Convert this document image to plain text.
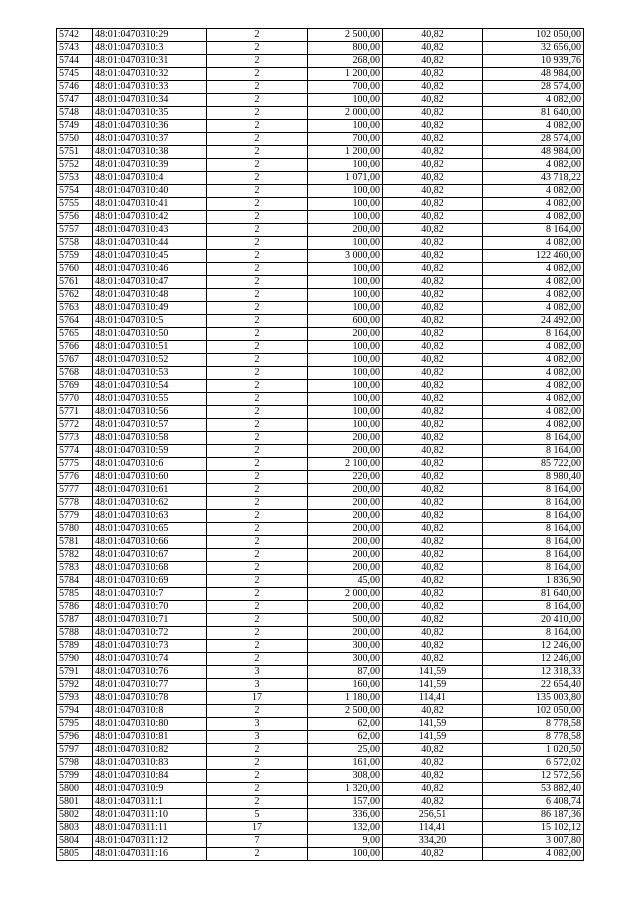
5742	48:01:0470310:29	2	2 500,00	40,82	102 050,00
5743	48:01:0470310:3	2	800,00	40,82	32 656,00
5744	48:01:0470310:31	2	268,00	40,82	10 939,76
5745	48:01:0470310:32	2	1 200,00	40,82	48 984,00
5746	48:01:0470310:33	2	700,00	40,82	28 574,00
5747	48:01:0470310:34	2	100,00	40,82	4 082,00
5748	48:01:0470310:35	2	2 000,00	40,82	81 640,00
5749	48:01:0470310:36	2	100,00	40,82	4 082,00
5750	48:01:0470310:37	2	700,00	40,82	28 574,00
5751	48:01:0470310:38	2	1 200,00	40,82	48 984,00
5752	48:01:0470310:39	2	100,00	40,82	4 082,00
5753	48:01:0470310:4	2	1 071,00	40,82	43 718,22
5754	48:01:0470310:40	2	100,00	40,82	4 082,00
5755	48:01:0470310:41	2	100,00	40,82	4 082,00
5756	48:01:0470310:42	2	100,00	40,82	4 082,00
5757	48:01:0470310:43	2	200,00	40,82	8 164,00
5758	48:01:0470310:44	2	100,00	40,82	4 082,00
5759	48:01:0470310:45	2	3 000,00	40,82	122 460,00
5760	48:01:0470310:46	2	100,00	40,82	4 082,00
5761	48:01:0470310:47	2	100,00	40,82	4 082,00
5762	48:01:0470310:48	2	100,00	40,82	4 082,00
5763	48:01:0470310:49	2	100,00	40,82	4 082,00
5764	48:01:0470310:5	2	600,00	40,82	24 492,00
5765	48:01:0470310:50	2	200,00	40,82	8 164,00
5766	48:01:0470310:51	2	100,00	40,82	4 082,00
5767	48:01:0470310:52	2	100,00	40,82	4 082,00
5768	48:01:0470310:53	2	100,00	40,82	4 082,00
5769	48:01:0470310:54	2	100,00	40,82	4 082,00
5770	48:01:0470310:55	2	100,00	40,82	4 082,00
5771	48:01:0470310:56	2	100,00	40,82	4 082,00
5772	48:01:0470310:57	2	100,00	40,82	4 082,00
5773	48:01:0470310:58	2	200,00	40,82	8 164,00
5774	48:01:0470310:59	2	200,00	40,82	8 164,00
5775	48:01:0470310:6	2	2 100,00	40,82	85 722,00
5776	48:01:0470310:60	2	220,00	40,82	8 980,40
5777	48:01:0470310:61	2	200,00	40,82	8 164,00
5778	48:01:0470310:62	2	200,00	40,82	8 164,00
5779	48:01:0470310:63	2	200,00	40,82	8 164,00
5780	48:01:0470310:65	2	200,00	40,82	8 164,00
5781	48:01:0470310:66	2	200,00	40,82	8 164,00
5782	48:01:0470310:67	2	200,00	40,82	8 164,00
5783	48:01:0470310:68	2	200,00	40,82	8 164,00
5784	48:01:0470310:69	2	45,00	40,82	1 836,90
5785	48:01:0470310:7	2	2 000,00	40,82	81 640,00
5786	48:01:0470310:70	2	200,00	40,82	8 164,00
5787	48:01:0470310:71	2	500,00	40,82	20 410,00
5788	48:01:0470310:72	2	200,00	40,82	8 164,00
5789	48:01:0470310:73	2	300,00	40,82	12 246,00
5790	48:01:0470310:74	2	300,00	40,82	12 246,00
5791	48:01:0470310:76	3	87,00	141,59	12 318,33
5792	48:01:0470310:77	3	160,00	141,59	22 654,40
5793	48:01:0470310:78	17	1 180,00	114,41	135 003,80
5794	48:01:0470310:8	2	2 500,00	40,82	102 050,00
5795	48:01:0470310:80	3	62,00	141,59	8 778,58
5796	48:01:0470310:81	3	62,00	141,59	8 778,58
5797	48:01:0470310:82	2	25,00	40,82	1 020,50
5798	48:01:0470310:83	2	161,00	40,82	6 572,02
5799	48:01:0470310:84	2	308,00	40,82	12 572,56
5800	48:01:0470310:9	2	1 320,00	40,82	53 882,40
5801	48:01:0470311:1	2	157,00	40,82	6 408,74
5802	48:01:0470311:10	5	336,00	256,51	86 187,36
5803	48:01:0470311:11	17	132,00	114,41	15 102,12
5804	48:01:0470311:12	7	9,00	334,20	3 007,80
5805	48:01:0470311:16	2	100,00	40,82	4 082,00
